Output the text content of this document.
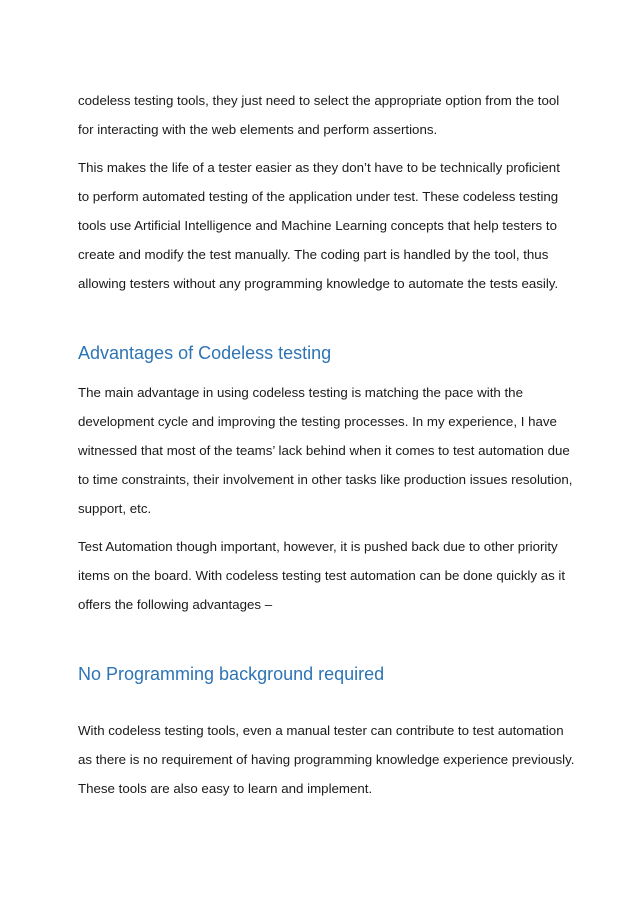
codeless testing tools, they just need to select the appropriate option from the tool
for interacting with the web elements and perform assertions.

This makes the life of a tester easier as they don’t have to be technically proficient
to perform automated testing of the application under test. These codeless testing
tools use Artificial Intelligence and Machine Learning concepts that help testers to
create and modify the test manually. The coding part is handled by the tool, thus
allowing testers without any programming knowledge to automate the tests easily.

Advantages of Codeless testing

The main advantage in using codeless testing is matching the pace with the
development cycle and improving the testing processes. In my experience, I have
witnessed that most of the teams’ lack behind when it comes to test automation due
to time constraints, their involvement in other tasks like production issues resolution,
support, etc.

Test Automation though important, however, it is pushed back due to other priority
items on the board. With codeless testing test automation can be done quickly as it
offers the following advantages –

No Programming background required

With codeless testing tools, even a manual tester can contribute to test automation
as there is no requirement of having programming knowledge experience previously.
These tools are also easy to learn and implement.
